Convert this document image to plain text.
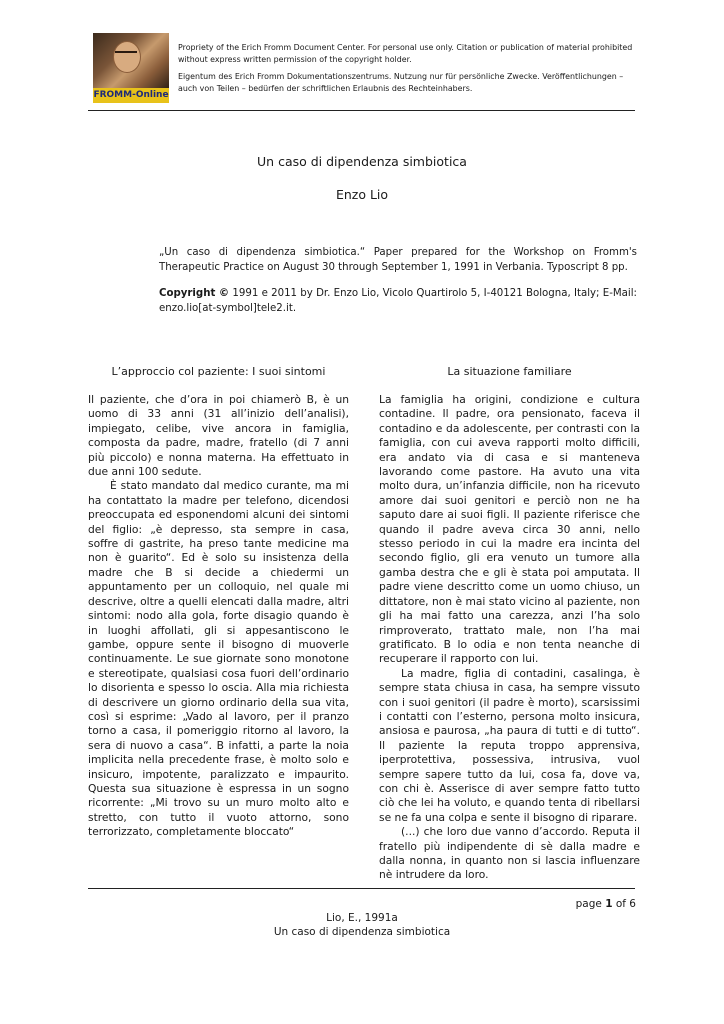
FROMM-Online

Propriety of the Erich Fromm Document Center. For personal use only. Citation or publication of material prohibited without express written permission of the copyright holder.

Eigentum des Erich Fromm Dokumentationszentrums. Nutzung nur für persönliche Zwecke. Veröffentlichungen – auch von Teilen – bedürfen der schriftlichen Erlaubnis des Rechteinhabers.

Un caso di dipendenza simbiotica
Enzo Lio

„Un caso di dipendenza simbiotica.“ Paper prepared for the Workshop on Fromm's Therapeutic Practice on August 30 through September 1, 1991 in Verbania. Typoscript 8 pp.

Copyright © 1991 e 2011 by Dr. Enzo Lio, Vicolo Quartirolo 5, I-40121 Bologna, Italy; E-Mail: enzo.lio[at-symbol]tele2.it.

L’approccio col paziente: I suoi sintomi

Il paziente, che d’ora in poi chiamerò B, è un uomo di 33 anni (31 all’inizio dell’analisi), impiegato, celibe, vive ancora in famiglia, composta da padre, madre, fratello (di 7 anni più piccolo) e nonna materna. Ha effettuato in due anni 100 sedute.

È stato mandato dal medico curante, ma mi ha contattato la madre per telefono, dicendosi preoccupata ed esponendomi alcuni dei sintomi del figlio: „è depresso, sta sempre in casa, soffre di gastrite, ha preso tante medicine ma non è guarito“. Ed è solo su insistenza della madre che B si decide a chiedermi un appuntamento per un colloquio, nel quale mi descrive, oltre a quelli elencati dalla madre, altri sintomi: nodo alla gola, forte disagio quando è in luoghi affollati, gli si appesantiscono le gambe, oppure sente il bisogno di muoverle continuamente. Le sue giornate sono monotone e stereotipate, qualsiasi cosa fuori dell’ordinario lo disorienta e spesso lo oscia. Alla mia richiesta di descrivere un giorno ordinario della sua vita, così si esprime: „Vado al lavoro, per il pranzo torno a casa, il pomeriggio ritorno al lavoro, la sera di nuovo a casa“. B infatti, a parte la noia implicita nella precedente frase, è molto solo e insicuro, impotente, paralizzato e impaurito. Questa sua situazione è espressa in un sogno ricorrente: „Mi trovo su un muro molto alto e stretto, con tutto il vuoto attorno, sono terrorizzato, completamente bloccato“

La situazione familiare

La famiglia ha origini, condizione e cultura contadine. Il padre, ora pensionato, faceva il contadino e da adolescente, per contrasti con la famiglia, con cui aveva rapporti molto difficili, era andato via di casa e si manteneva lavorando come pastore. Ha avuto una vita molto dura, un’infanzia difficile, non ha ricevuto amore dai suoi genitori e perciò non ne ha saputo dare ai suoi figli. Il paziente riferisce che quando il padre aveva circa 30 anni, nello stesso periodo in cui la madre era incinta del secondo figlio, gli era venuto un tumore alla gamba destra che e gli è stata poi amputata. Il padre viene descritto come un uomo chiuso, un dittatore, non è mai stato vicino al paziente, non gli ha mai fatto una carezza, anzi l’ha solo rimproverato, trattato male, non l’ha mai gratificato. B lo odia e non tenta neanche di recuperare il rapporto con lui.

La madre, figlia di contadini, casalinga, è sempre stata chiusa in casa, ha sempre vissuto con i suoi genitori (il padre è morto), scarsissimi i contatti con l’esterno, persona molto insicura, ansiosa e paurosa, „ha paura di tutti e di tutto“. Il paziente la reputa troppo apprensiva, iperprotettiva, possessiva, intrusiva, vuol sempre sapere tutto da lui, cosa fa, dove va, con chi è. Asserisce di aver sempre fatto tutto ciò che lei ha voluto, e quando tenta di ribellarsi se ne fa una colpa e sente il bisogno di riparare.

(...) che loro due vanno d’accordo. Reputa il fratello più indipendente di sè dalla madre e dalla nonna, in quanto non si lascia influenzare nè intrudere da loro.

page 1 of 6
Lio, E., 1991a
Un caso di dipendenza simbiotica
